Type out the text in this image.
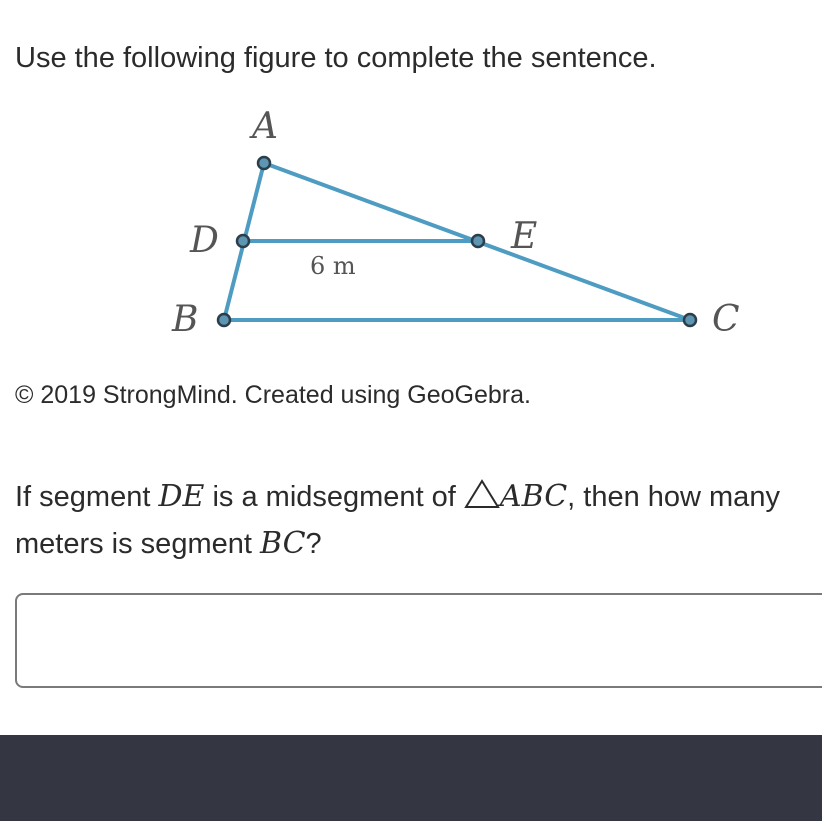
Use the following figure to complete the sentence.
A
D	E
B	C
6 m
© 2019 StrongMind. Created using GeoGebra.
If segment DE is a midsegment of ABC, then how many
meters is segment BC?
